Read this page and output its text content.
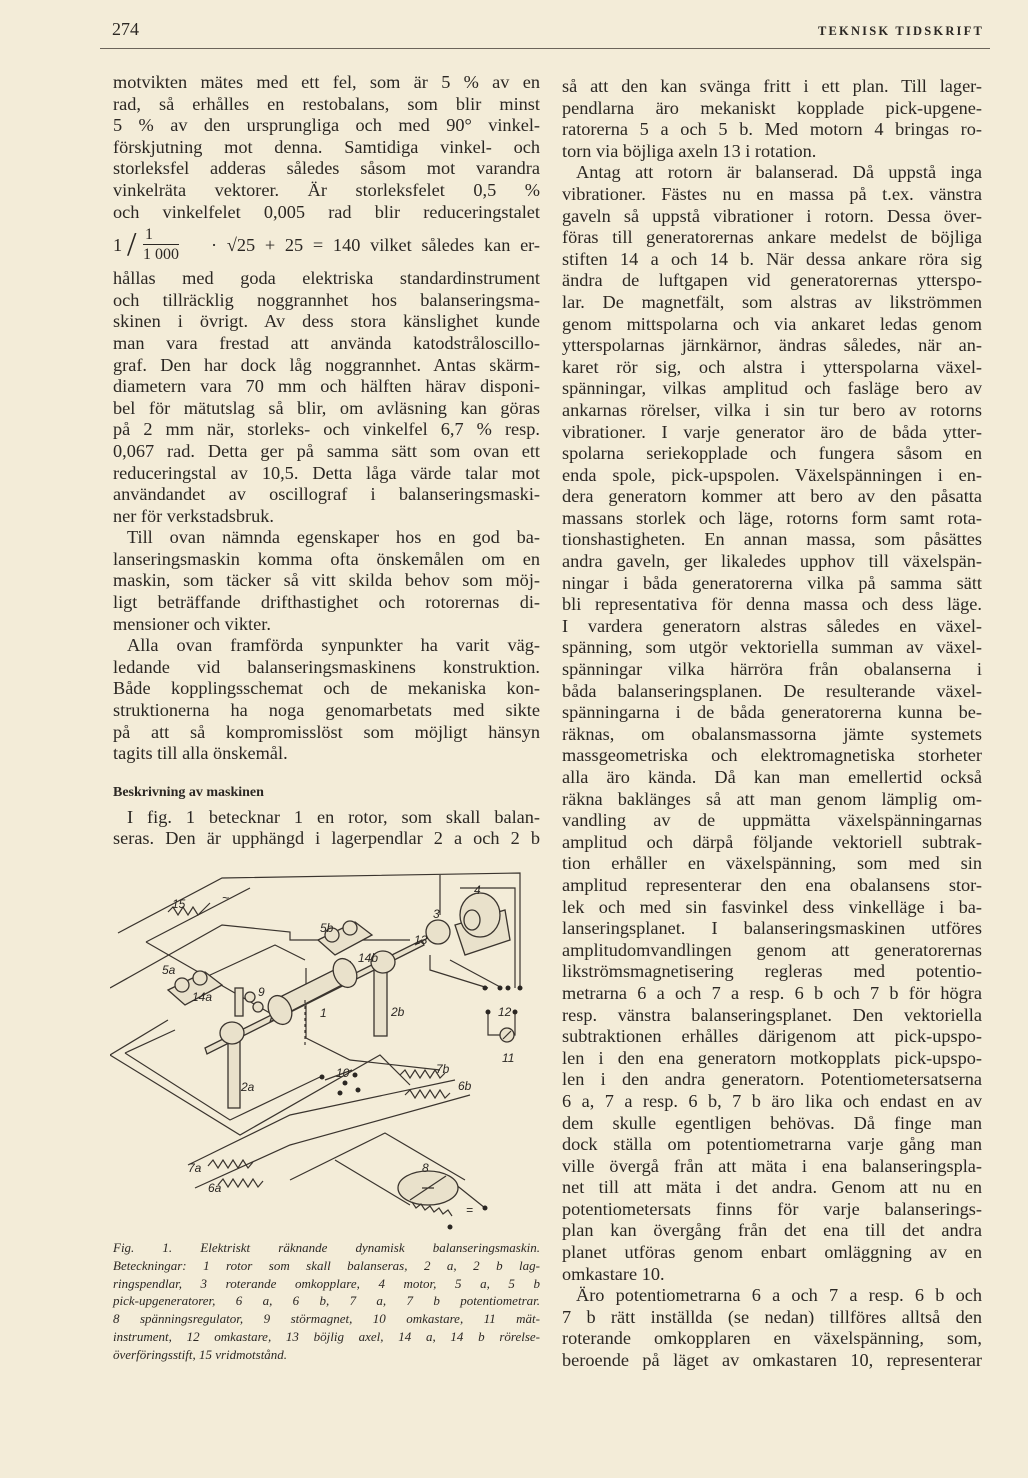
274	TEKNISK TIDSKRIFT
motvikten mätes med ett fel, som är 5 % av en
rad, så erhålles en restobalans, som blir minst
5 % av den ursprungliga och med 90° vinkel-
förskjutning mot denna. Samtidiga vinkel- och
storleksfel adderas således såsom mot varandra
vinkelräta vektorer. Är storleksfelet 0,5 %
och vinkelfelet 0,005 rad blir reduceringstalet
$1 / \frac{1}{1 000} \cdot √25 + 25 = 140$ vilket således kan er-
hållas med goda elektriska standardinstrument
och tillräcklig noggrannhet hos balanseringsma-
skinen i övrigt. Av dess stora känslighet kunde
man vara frestad att använda katodstråloscillo-
graf. Den har dock låg noggrannhet. Antas skärm-
diametern vara 70 mm och hälften härav disponi-
bel för mätutslag så blir, om avläsning kan göras
på 2 mm när, storleks- och vinkelfel 6,7 % resp.
0,067 rad. Detta ger på samma sätt som ovan ett
reduceringstal av 10,5. Detta låga värde talar mot
användandet av oscillograf i balanseringsmaski-
ner för verkstadsbruk.
Till ovan nämnda egenskaper hos en god ba-
lanseringsmaskin komma ofta önskemålen om en
maskin, som täcker så vitt skilda behov som möj-
ligt beträffande drifthastighet och rotorernas di-
mensioner och vikter.
Alla ovan framförda synpunkter ha varit väg-
ledande vid balanseringsmaskinens konstruktion.
Både kopplingsschemat och de mekaniska kon-
struktionerna ha noga genomarbetats med sikte
på att så kompromisslöst som möjligt hänsyn
tagits till alla önskemål.
Beskrivning av maskinen
I fig. 1 betecknar 1 en rotor, som skall balan-
seras. Den är upphängd i lagerpendlar 2 a och 2 b
så att den kan svänga fritt i ett plan. Till lager-
pendlarna äro mekaniskt kopplade pick-upgene-
ratorerna 5 a och 5 b. Med motorn 4 bringas ro-
torn via böjliga axeln 13 i rotation.
Antag att rotorn är balanserad. Då uppstå inga
vibrationer. Fästes nu en massa på t.ex. vänstra
gaveln så uppstå vibrationer i rotorn. Dessa över-
föras till generatorernas ankare medelst de böjliga
stiften 14 a och 14 b. När dessa ankare röra sig
ändra de luftgapen vid generatorernas ytterspo-
lar. De magnetfält, som alstras av likströmmen
genom mittspolarna och via ankaret ledas genom
ytterspolarnas järnkärnor, ändras således, när an-
karet rör sig, och alstra i ytterspolarna växel-
spänningar, vilkas amplitud och fasläge bero av
ankarnas rörelser, vilka i sin tur bero av rotorns
vibrationer. I varje generator äro de båda ytter-
spolarna seriekopplade och fungera såsom en
enda spole, pick-upspolen. Växelspänningen i en-
dera generatorn kommer att bero av den påsatta
massans storlek och läge, rotorns form samt rota-
tionshastigheten. En annan massa, som påsättes
andra gaveln, ger likaledes upphov till växelspän-
ningar i båda generatorerna vilka på samma sätt
bli representativa för denna massa och dess läge.
I vardera generatorn alstras således en växel-
spänning, som utgör vektoriella summan av växel-
spänningar vilka härröra från obalanserna i
båda balanseringsplanen. De resulterande växel-
spänningarna i de båda generatorerna kunna be-
räknas, om obalansmassorna jämte systemets
massgeometriska och elektromagnetiska storheter
alla äro kända. Då kan man emellertid också
räkna baklänges så att man genom lämplig om-
vandling av de uppmätta växelspänningarnas
amplitud och därpå följande vektoriell subtrak-
tion erhåller en växelspänning, som med sin
amplitud representerar den ena obalansens stor-
lek och med sin fasvinkel dess vinkelläge i ba-
lanseringsplanet. I balanseringsmaskinen utföres
amplitudomvandlingen genom att generatorernas
likströmsmagnetisering regleras med potentio-
metrarna 6 a och 7 a resp. 6 b och 7 b för högra
resp. vänstra balanseringsplanet. Den vektoriella
subtraktionen erhålles därigenom att pick-upspo-
len i den ena generatorn motkopplats pick-upspo-
len i den andra generatorn. Potentiometersatserna
6 a, 7 a resp. 6 b, 7 b äro lika och endast en av
dem skulle egentligen behövas. Då finge man
dock ställa om potentiometrarna varje gång man
ville övergå från att mäta i ena balanseringspla-
net till att mäta i det andra. Genom att nu en
potentiometersats finns för varje balanserings-
plan kan övergång från det ena till det andra
planet utföras genom enbart omläggning av en
omkastare 10.
Äro potentiometrarna 6 a och 7 a resp. 6 b och
7 b rätt inställda (se nedan) tillföres alltså den
roterande omkopplaren en växelspänning, som,
beroende på läget av omkastaren 10, representerar
15	~
5b
13
3
4
9
5a
14a
14b
1	2b
2a
10	7b
6b
12
11
7a
6a
8
=
Fig. 1. Elektriskt räknande dynamisk balanseringsmaskin.
Beteckningar: 1 rotor som skall balanseras, 2 a, 2 b lag-
ringspendlar, 3 roterande omkopplare, 4 motor, 5 a, 5 b
pick-upgeneratorer, 6 a, 6 b, 7 a, 7 b potentiometrar.
8 spänningsregulator, 9 störmagnet, 10 omkastare, 11 mät-
instrument, 12 omkastare, 13 böjlig axel, 14 a, 14 b rörelse-
överföringsstift, 15 vridmotstånd.
